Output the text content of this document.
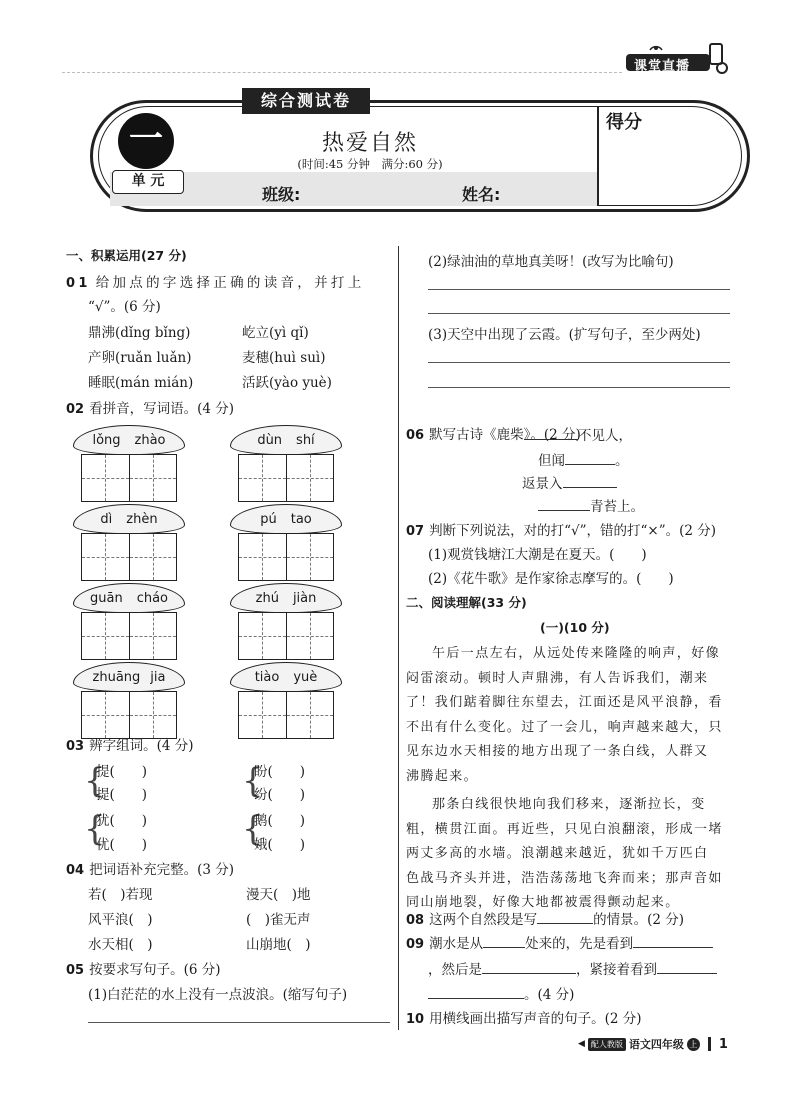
课堂直播
综合测试卷
一
单 元
热爱自然
(时间:45 分钟　满分:60 分)
得分
班级:	姓名:
一、积累运用(27 分)
01 给加点的字选择正确的读音，并打上
“√”。(6 分)
鼎沸(dǐng bǐng)	屹立(yì qǐ)
产卵(ruǎn luǎn)	麦穗(huì suì)
睡眠(mán mián)	活跃(yào yuè)
02 看拼音，写词语。(4 分)
lǒng zhào	dùn shí
dì zhèn	pú tao
guān cháo	zhú jiàn
zhuāng jia	tiào yuè
03 辨字组词。(4 分)
{	{
{	{
提(　　)	盼(　　)
提(　　)	纷(　　)
犹(　　)	鹅(　　)
优(　　)	娥(　　)
04 把词语补充完整。(3 分)
若(　)若现	漫天(　)地
风平浪(　)	(　)雀无声
水天相(　)	山崩地(　)
05 按要求写句子。(6 分)
(1)白茫茫的水上没有一点波浪。(缩写句子)
(2)绿油油的草地真美呀！(改写为比喻句)
(3)天空中出现了云霞。(扩写句子，至少两处)
06 默写古诗《鹿柴》。(2 分)
不见人，
但闻	。
返景入
青苔上。
07 判断下列说法，对的打“√”，错的打“×”。(2 分)
(1)观赏钱塘江大潮是在夏天。(　　)
(2)《花牛歌》是作家徐志摩写的。(　　)
二、阅读理解(33 分)
(一)(10 分)
午后一点左右，从远处传来隆隆的响声，好像
闷雷滚动。顿时人声鼎沸，有人告诉我们，潮来
了！我们踮着脚往东望去，江面还是风平浪静，看
不出有什么变化。过了一会儿，响声越来越大，只
见东边水天相接的地方出现了一条白线，人群又
沸腾起来。
那条白线很快地向我们移来，逐渐拉长，变
粗，横贯江面。再近些，只见白浪翻滚，形成一堵
两丈多高的水墙。浪潮越来越近，犹如千万匹白
色战马齐头并进，浩浩荡荡地飞奔而来；那声音如
同山崩地裂，好像大地都被震得颤动起来。
08 这两个自然段是写	的情景。(2 分)
09 潮水是从	处来的，先是看到
，然后是	，紧接着看到
。(4 分)
10 用横线画出描写声音的句子。(2 分)
◀ 配人教版 语文四年级 上 1
